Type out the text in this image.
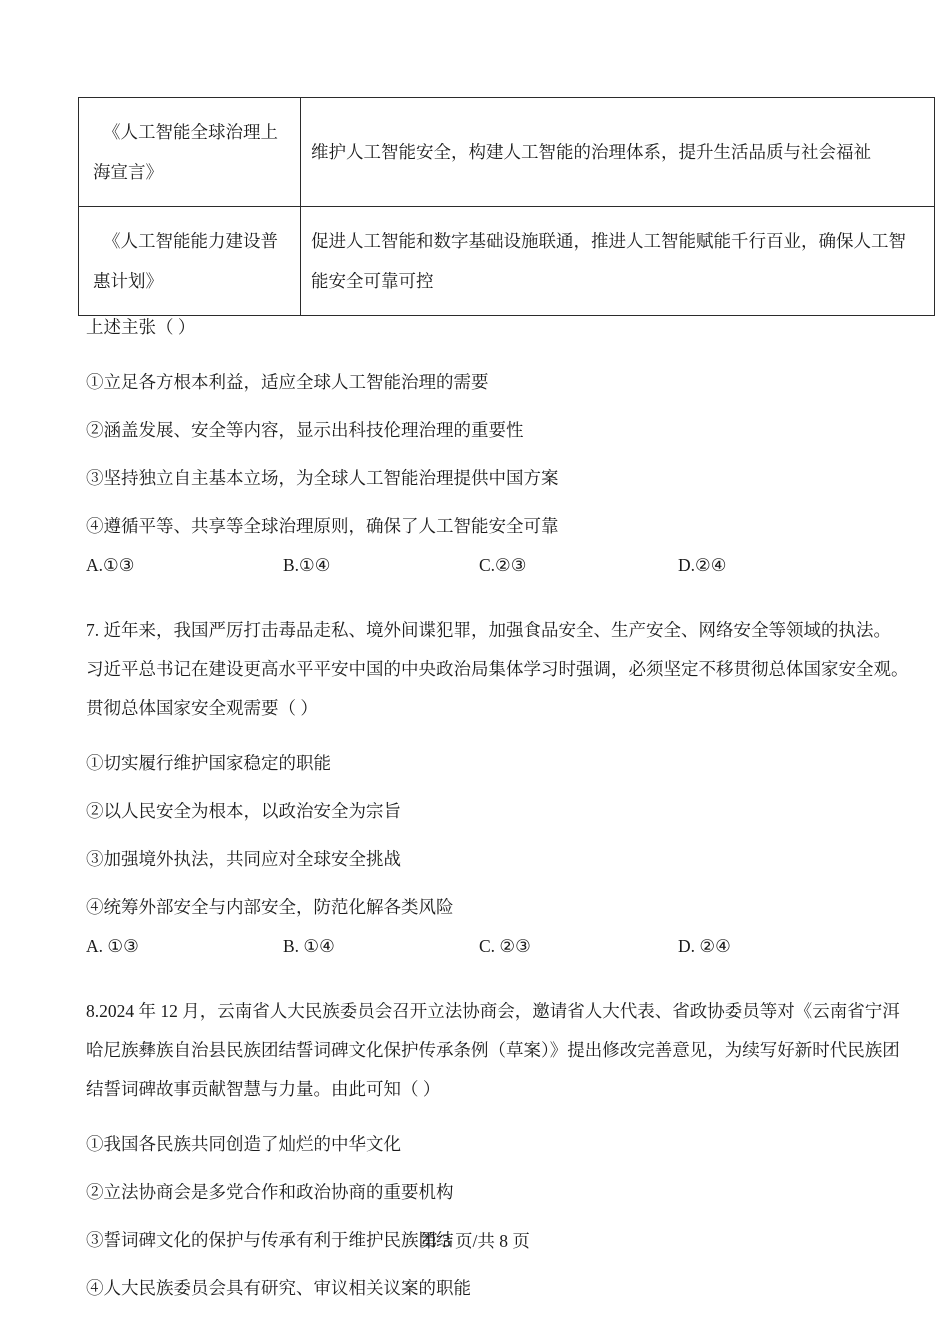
《人工智能全球治理上海宣言》	维护人工智能安全，构建人工智能的治理体系，提升生活品质与社会福祉
《人工智能能力建设普惠计划》	促进人工智能和数字基础设施联通，推进人工智能赋能千行百业，确保人工智能安全可靠可控
上述主张（ ）
①立足各方根本利益，适应全球人工智能治理的需要
②涵盖发展、安全等内容，显示出科技伦理治理的重要性
③坚持独立自主基本立场，为全球人工智能治理提供中国方案
④遵循平等、共享等全球治理原则，确保了人工智能安全可靠
A.①③	B.①④	C.②③	D.②④
7. 近年来，我国严厉打击毒品走私、境外间谍犯罪，加强食品安全、生产安全、网络安全等领域的执法。
习近平总书记在建设更高水平平安中国的中央政治局集体学习时强调，必须坚定不移贯彻总体国家安全观。
贯彻总体国家安全观需要（ ）
①切实履行维护国家稳定的职能
②以人民安全为根本，以政治安全为宗旨
③加强境外执法，共同应对全球安全挑战
④统筹外部安全与内部安全，防范化解各类风险
A. ①③	B. ①④	C. ②③	D. ②④
8.2024 年 12 月，云南省人大民族委员会召开立法协商会，邀请省人大代表、省政协委员等对《云南省宁洱
哈尼族彝族自治县民族团结誓词碑文化保护传承条例（草案）》提出修改完善意见，为续写好新时代民族团
结誓词碑故事贡献智慧与力量。由此可知（ ）
①我国各民族共同创造了灿烂的中华文化
②立法协商会是多党合作和政治协商的重要机构
③誓词碑文化的保护与传承有利于维护民族团结
④人大民族委员会具有研究、审议相关议案的职能
第 3 页/共 8 页
